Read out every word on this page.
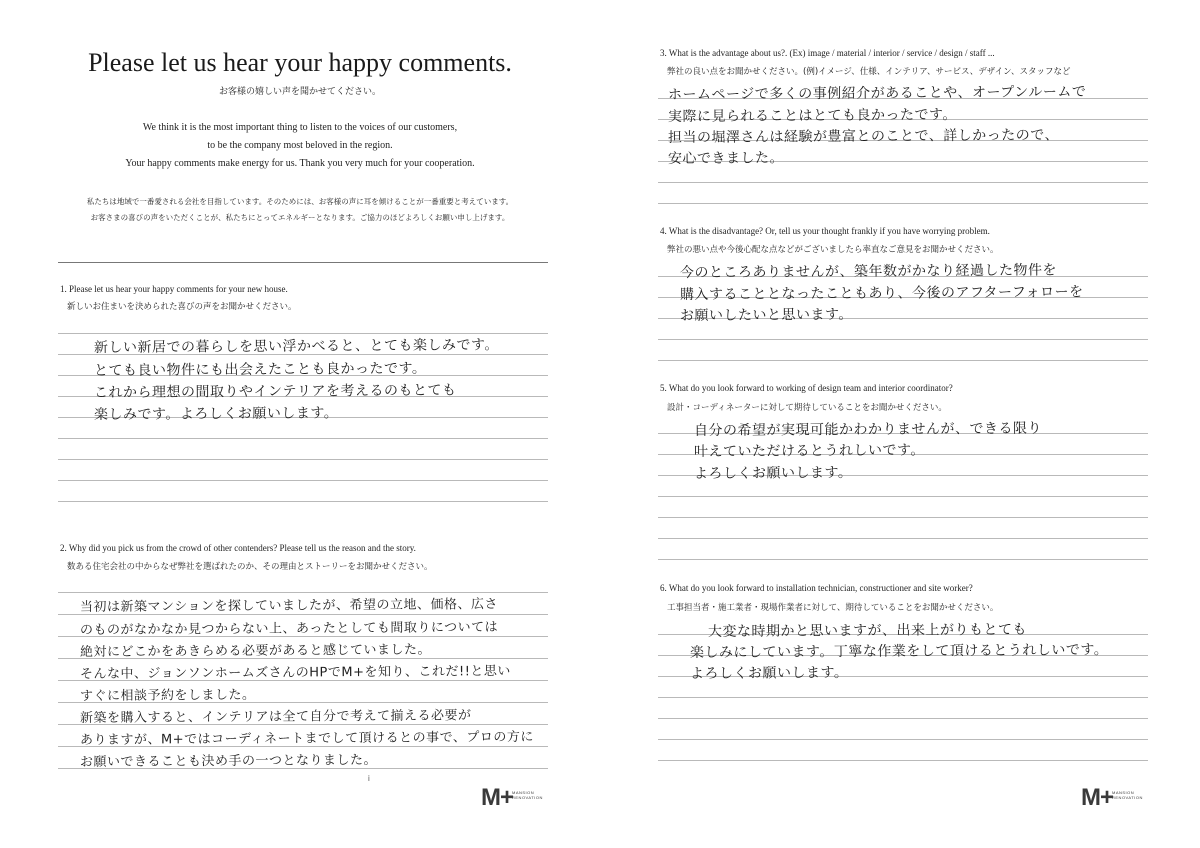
Please let us hear your happy comments.
お客様の嬉しい声を聞かせてください。
We think it is the most important thing to listen to the voices of our customers,
to be the company most beloved in the region.
Your happy comments make energy for us. Thank you very much for your cooperation.
私たちは地域で一番愛される会社を目指しています。そのためには、お客様の声に耳を傾けることが一番重要と考えています。
お客さまの喜びの声をいただくことが、私たちにとってエネルギーとなります。ご協力のほどよろしくお願い申し上げます。
1. Please let us hear your happy comments for your new house.
新しいお住まいを決められた喜びの声をお聞かせください。
新しい新居での暮らしを思い浮かべると、とても楽しみです。
とても良い物件にも出会えたことも良かったです。
これから理想の間取りやインテリアを考えるのもとても
楽しみです。よろしくお願いします。
2. Why did you pick us from the crowd of other contenders? Please tell us the reason and the story.
数ある住宅会社の中からなぜ弊社を選ばれたのか、その理由とストーリーをお聞かせください。
当初は新築マンションを探していましたが、希望の立地、価格、広さ
のものがなかなか見つからない上、あったとしても間取りについては
絶対にどこかをあきらめる必要があると感じていました。
そんな中、ジョンソンホームズさんのHPでM+を知り、これだ!!と思い
すぐに相談予約をしました。
新築を購入すると、インテリアは全て自分で考えて揃える必要が
ありますが、M+ではコーディネートまでして頂けるとの事で、プロの方に
お願いできることも決め手の一つとなりました。
i
M+
MANSION
RENOVATION
3. What is the advantage about us?. (Ex) image / material / interior / service / design / staff ...
弊社の良い点をお聞かせください。(例)イメージ、仕様、インテリア、サービス、デザイン、スタッフなど
ホームページで多くの事例紹介があることや、オープンルームで
実際に見られることはとても良かったです。
担当の堀澤さんは経験が豊富とのことで、詳しかったので、
安心できました。
4. What is the disadvantage? Or, tell us your thought frankly if you have worrying problem.
弊社の悪い点や今後心配な点などがございましたら率直なご意見をお聞かせください。
今のところありませんが、築年数がかなり経過した物件を
購入することとなったこともあり、今後のアフターフォローを
お願いしたいと思います。
5. What do you look forward to working of design team and interior coordinator?
設計・コーディネーターに対して期待していることをお聞かせください。
自分の希望が実現可能かわかりませんが、できる限り
叶えていただけるとうれしいです。
よろしくお願いします。
6. What do you look forward to installation technician, constructioner and site worker?
工事担当者・施工業者・現場作業者に対して、期待していることをお聞かせください。
大変な時期かと思いますが、出来上がりもとても
楽しみにしています。丁寧な作業をして頂けるとうれしいです。
よろしくお願いします。
M+
MANSION
RENOVATION
